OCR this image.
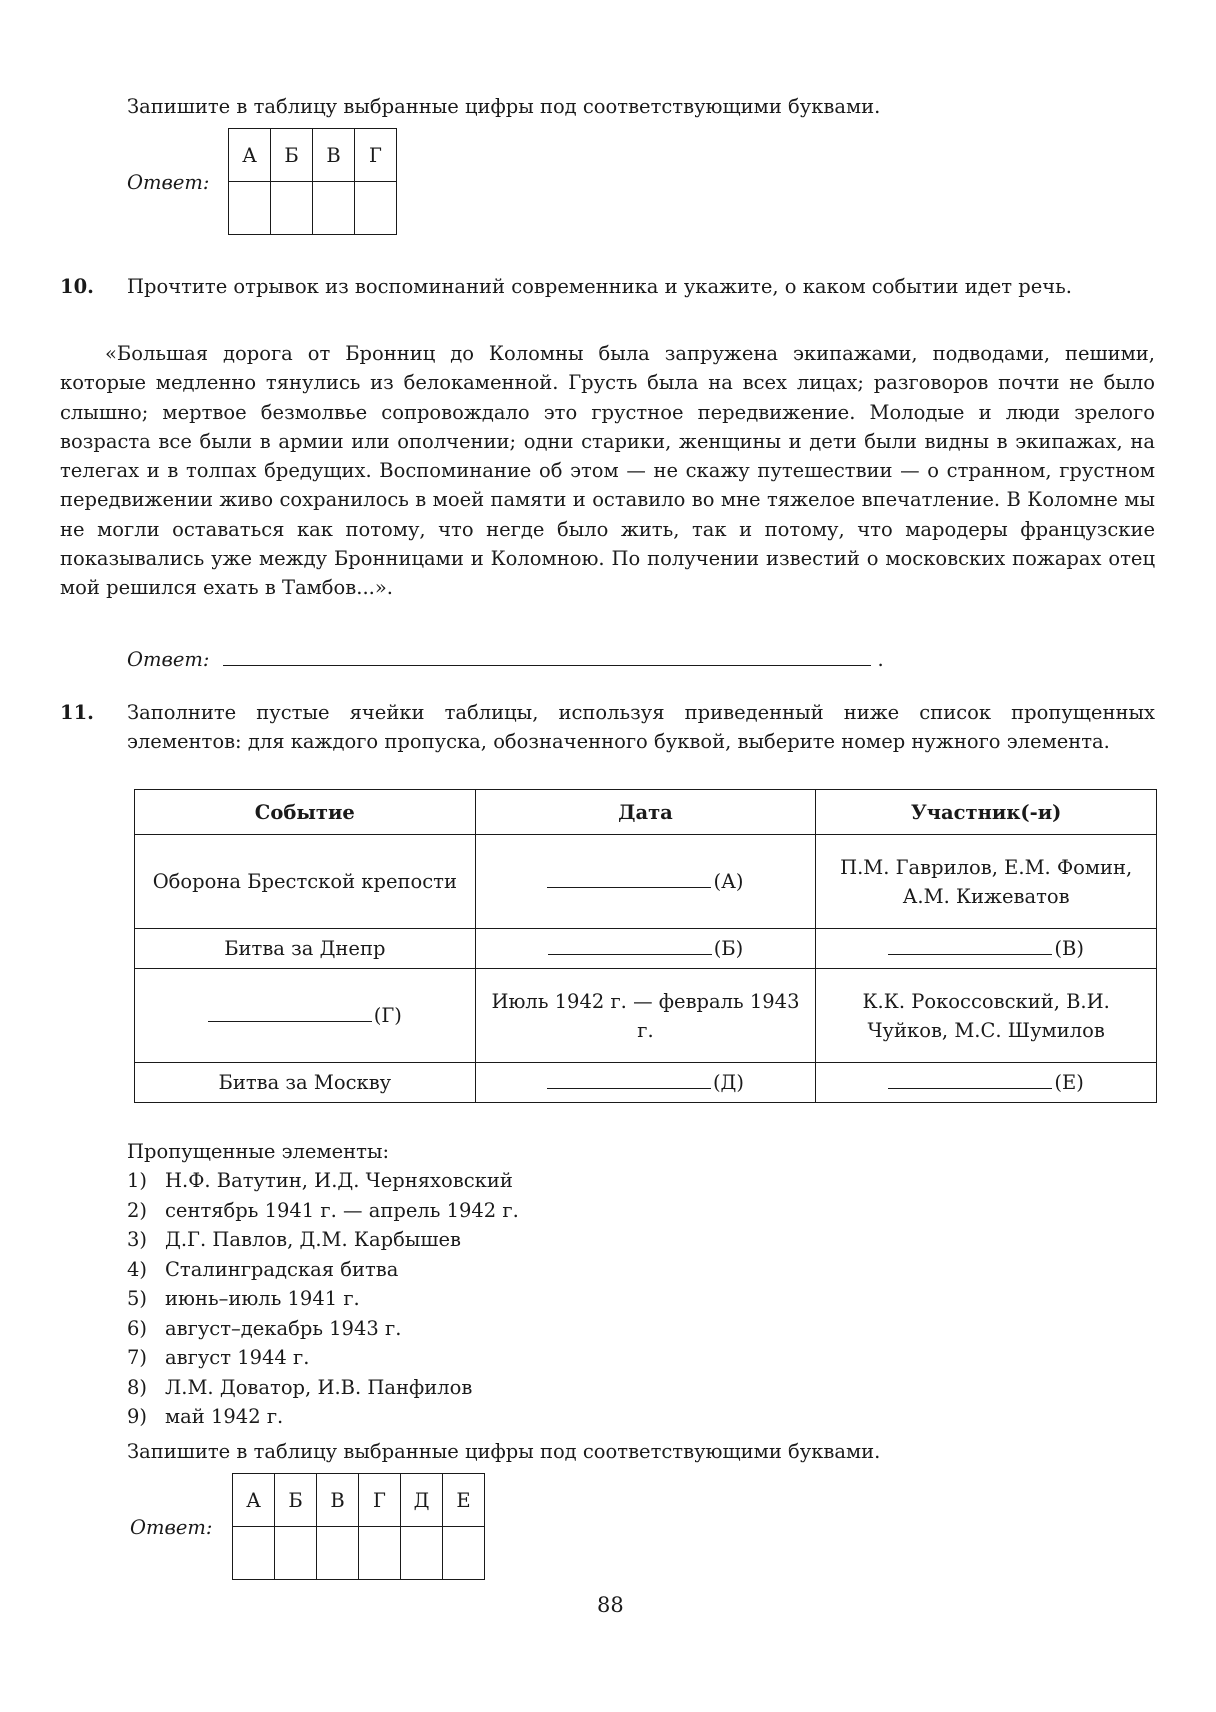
Запишите в таблицу выбранные цифры под соответствующими буквами.

Ответ:
А	Б	В	Г

10. Прочтите отрывок из воспоминаний современника и укажите, о каком событии идет речь.

«Большая дорога от Бронниц до Коломны была запружена экипажами, подводами, пешими, которые медленно тянулись из белокаменной. Грусть была на всех лицах; разговоров почти не было слышно; мертвое безмолвье сопровождало это грустное передвижение. Молодые и люди зрелого возраста все были в армии или ополчении; одни старики, женщины и дети были видны в экипажах, на телегах и в толпах бредущих. Воспоминание об этом — не скажу путешествии — о странном, грустном передвижении живо сохранилось в моей памяти и оставило во мне тяжелое впечатление. В Коломне мы не могли оставаться как потому, что негде было жить, так и потому, что мародеры французские показывались уже между Бронницами и Коломною. По получении известий о московских пожарах отец мой решился ехать в Тамбов...».

Ответ:	.
11. Заполните пустые ячейки таблицы, используя приведенный ниже список пропущенных элементов: для каждого пропуска, обозначенного буквой, выберите номер нужного элемента.

Событие	Дата	Участник(-и)
Оборона Брестской крепости	(А)	П.М. Гаврилов, Е.М. Фомин, А.М. Кижеватов
Битва за Днепр	(Б)	(В)
(Г)	Июль 1942 г. — февраль 1943 г.	К.К. Рокоссовский, В.И. Чуйков, М.С. Шумилов
Битва за Москву	(Д)	(Е)

Пропущенные элементы:

1) Н.Ф. Ватутин, И.Д. Черняховский
2) сентябрь 1941 г. — апрель 1942 г.
3) Д.Г. Павлов, Д.М. Карбышев
4) Сталинградская битва
5) июнь–июль 1941 г.
6) август–декабрь 1943 г.
7) август 1944 г.
8) Л.М. Доватор, И.В. Панфилов
9) май 1942 г.

Запишите в таблицу выбранные цифры под соответствующими буквами.

Ответ:
А	Б	В	Г	Д	Е

88
